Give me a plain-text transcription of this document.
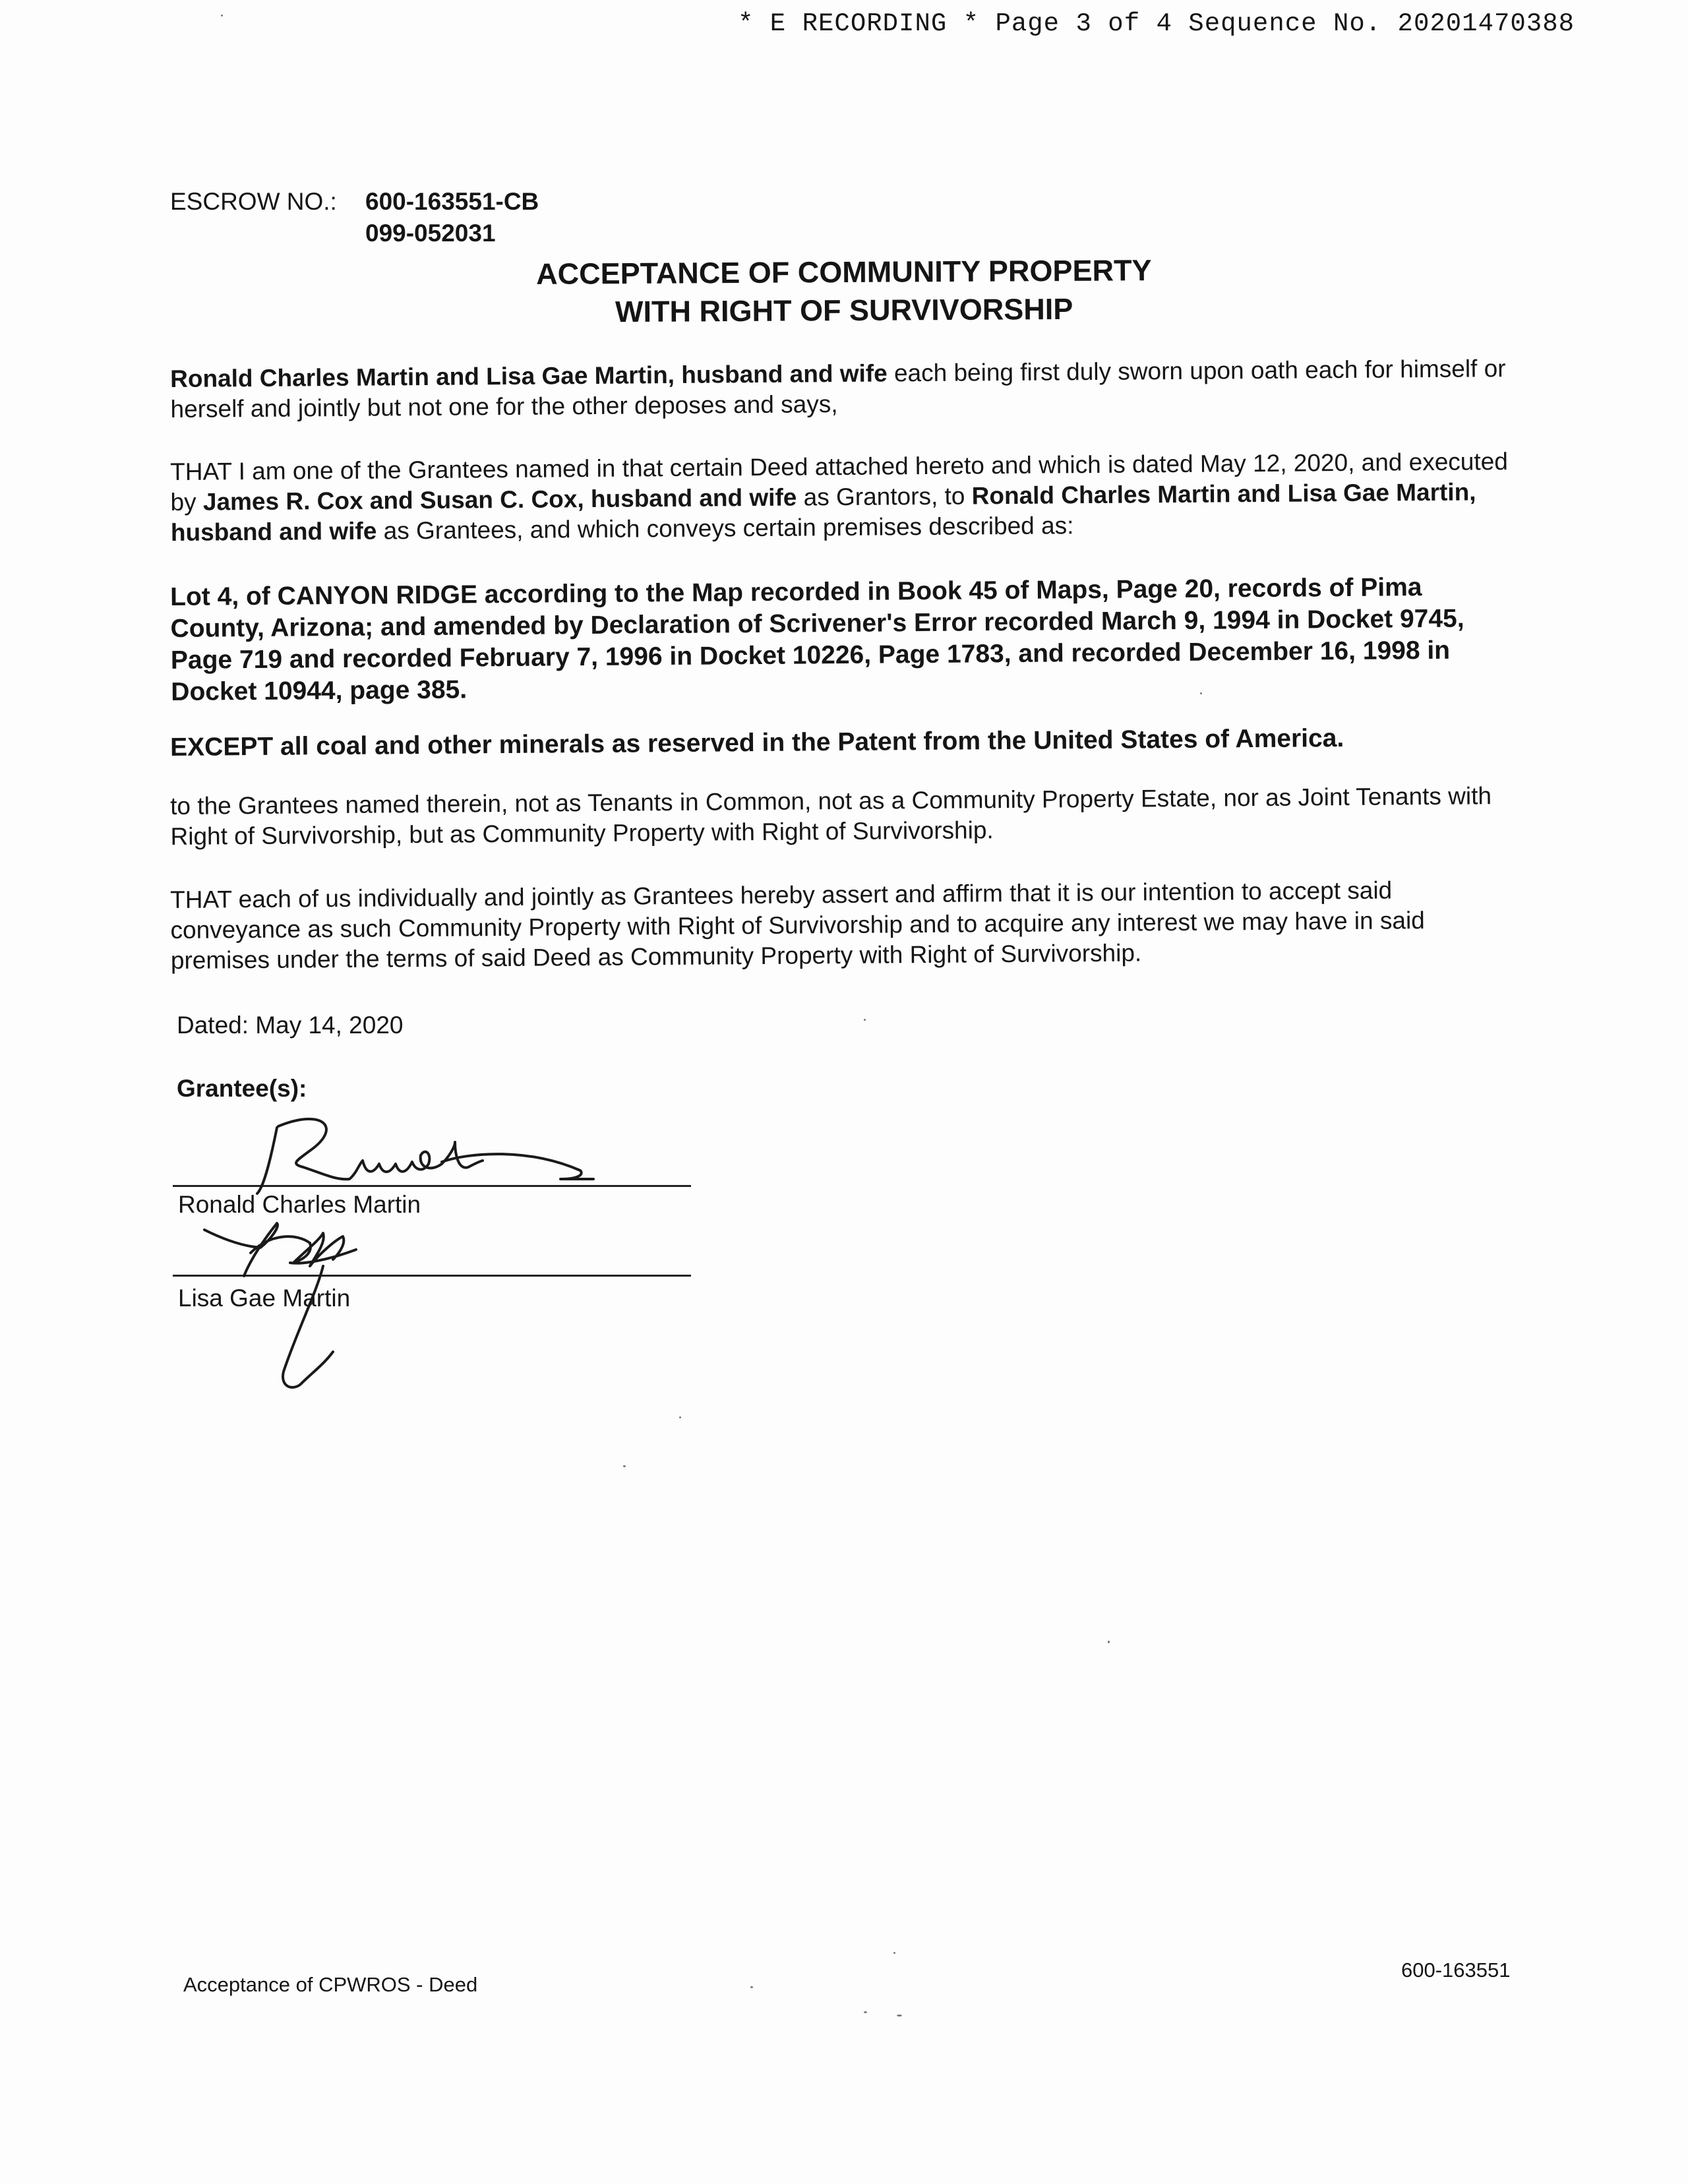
* E RECORDING * Page 3 of 4 Sequence No. 20201470388
ESCROW NO.: 600-163551-CB
099-052031
ACCEPTANCE OF COMMUNITY PROPERTY
WITH RIGHT OF SURVIVORSHIP
Ronald Charles Martin and Lisa Gae Martin, husband and wife each being first duly sworn upon oath each for himself or herself and jointly but not one for the other deposes and says,
THAT I am one of the Grantees named in that certain Deed attached hereto and which is dated May 12, 2020, and executed by James R. Cox and Susan C. Cox, husband and wife as Grantors, to Ronald Charles Martin and Lisa Gae Martin, husband and wife as Grantees, and which conveys certain premises described as:
Lot 4, of CANYON RIDGE according to the Map recorded in Book 45 of Maps, Page 20, records of Pima County, Arizona; and amended by Declaration of Scrivener's Error recorded March 9, 1994 in Docket 9745, Page 719 and recorded February 7, 1996 in Docket 10226, Page 1783, and recorded December 16, 1998 in Docket 10944, page 385.
EXCEPT all coal and other minerals as reserved in the Patent from the United States of America.
to the Grantees named therein, not as Tenants in Common, not as a Community Property Estate, nor as Joint Tenants with Right of Survivorship, but as Community Property with Right of Survivorship.
THAT each of us individually and jointly as Grantees hereby assert and affirm that it is our intention to accept said conveyance as such Community Property with Right of Survivorship and to acquire any interest we may have in said premises under the terms of said Deed as Community Property with Right of Survivorship.
Dated: May 14, 2020
Grantee(s):
Ronald Charles Martin
Lisa Gae Martin
Acceptance of CPWROS - Deed
600-163551
